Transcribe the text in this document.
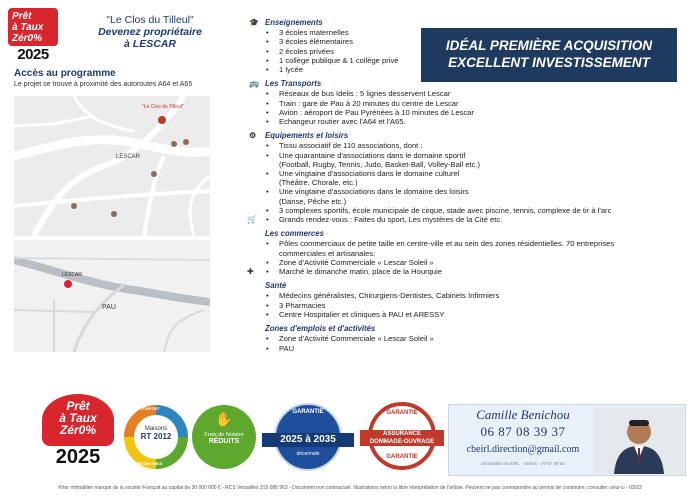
Prêt
à Taux
Zér0%
2025
"Le Clos du Tilleul"
Devenez propriétaire
à LESCAR
Accès au programme
Le projet se trouve à proximité des autoroutes A64 et A65
"Le Clos du Tilleul"
LESCAR
LESCAR
PAU
IDÉAL PREMIÈRE ACQUISITION
EXCELLENT INVESTISSEMENT
🎓 Enseignements
• 3 écoles maternelles
• 3 écoles élémentaires
• 2 écoles privées
• 1 collège publique & 1 collège privé
• 1 lycée
🚌 Les Transports
• Réseaux de bus Idelis : 5 lignes desservent Lescar
• Train : gare de Pau à 20 minutes du centre de Lescar
• Avion : aéroport de Pau Pyrénées à 10 minutes de Lescar
• Echangeur routier avec l'A64 et l'A65.
⚙ Equipements et loisirs
• Tissu associatif de 110 associations, dont :
• Une quarantaine d'associations dans le domaine sportif
(Football, Rugby, Tennis, Judo, Basket-Ball, Volley-Ball etc.)
• Une vingtaine d'associations dans le domaine culturel
(Théâtre, Chorale, etc.)
• Une vingtaine d'associations dans le domaine des loisirs
(Danse, Pêche etc.)
• 3 complexes sportifs, école municipale de cirque, stade avec piscine, tennis, complexe de tir à l'arc
• 🛒	Grands rendez-vous : Faites du sport, Les mystères de la Cité etc.
Les commerces
• Pôles commerciaux de petite taille en centre-ville et au sein des zones résidentielles. 70 entreprises
commerciales et artisanales.
• Zone d'Activité Commerciale « Lescar Soleil »
• ✚	Marché le dimanche matin, place de la Hourquie
Santé
• Médecins généralistes, Chirurgiens-Dentistes, Cabinets Infirmiers
• 3 Pharmacies
• Centre Hospitalier et cliniques à PAU et ARESSY
Zones d'emplois et d'activités
• Zone d'Activité Commerciale « Lescar Soleil »
• PAU
Prêt
à Taux
Zér0%
2025
Maisons
RT 2012
CONFORT
ÉCONOMIES
✋
Frais de Notaire
RÉDUITS
GARANTIE
2025 à 2035
décennale
GARANTIE
ASSURANCE
DOMMAGE-OUVRAGE
GARANTIE
Camille Benichou
06 87 08 39 37
cbeirl.direction@gmail.com
Immobilier en EIRL · Tarbes · 07 87 39 63
Khor immobilier marque de la société Françoit au capital de 30 000 000 € - RCS Versailles 319 086 963 - Document non contractuel. Illustrations selon la libre interprétation de l'artiste. Peuvent ne pas correspondre au permis de construire, consulter celui-ci - 03/23
